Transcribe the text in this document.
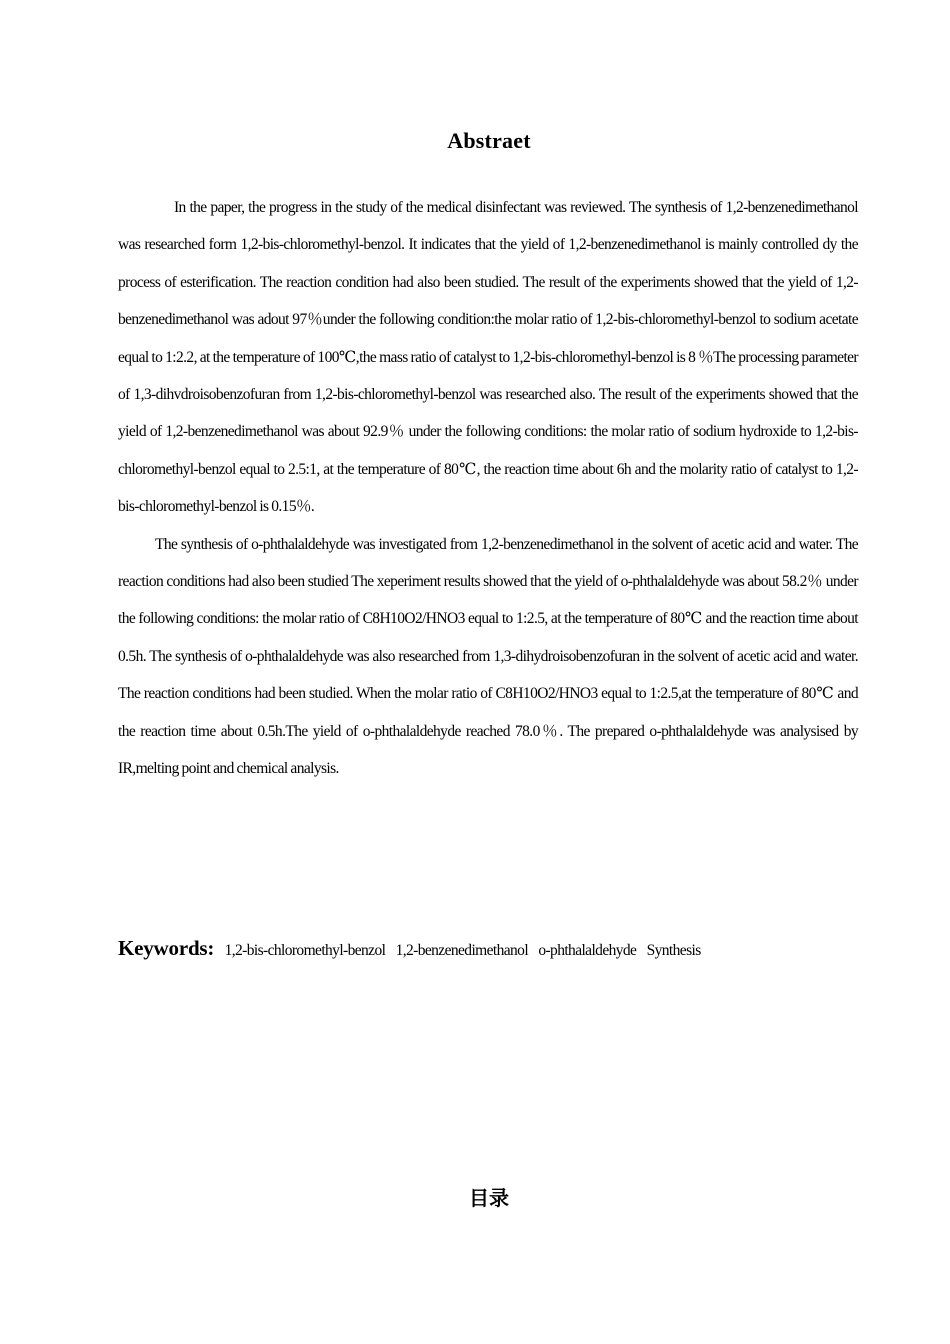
Abstraet

In the paper, the progress in the study of the medical disinfectant was reviewed. The synthesis of 1,2-benzenedimethanol was researched form 1,2-bis-chloromethyl-benzol. It indicates that the yield of 1,2-benzenedimethanol is mainly controlled dy the process of esterification. The reaction condition had also been studied. The result of the experiments showed that the yield of 1,2-benzenedimethanol was adout 97％under the following condition:the molar ratio of 1,2-bis-chloromethyl-benzol to sodium acetate equal to 1:2.2, at the temperature of 100℃,the mass ratio of catalyst to 1,2-bis-chloromethyl-benzol is 8 ％The processing parameter of 1,3-dihvdroisobenzofuran from 1,2-bis-chloromethyl-benzol was researched also. The result of the experiments showed that the yield of 1,2-benzenedimethanol was about 92.9％ under the following conditions: the molar ratio of sodium hydroxide to 1,2-bis-chloromethyl-benzol equal to 2.5:1, at the temperature of 80℃, the reaction time about 6h and the molarity ratio of catalyst to 1,2-bis-chloromethyl-benzol is 0.15％.

The synthesis of o-phthalaldehyde was investigated from 1,2-benzenedimethanol in the solvent of acetic acid and water. The reaction conditions had also been studied The xeperiment results showed that the yield of o-phthalaldehyde was about 58.2％ under the following conditions: the molar ratio of C8H10O2/HNO3 equal to 1:2.5, at the temperature of 80℃ and the reaction time about 0.5h. The synthesis of o-phthalaldehyde was also researched from 1,3-dihydroisobenzofuran in the solvent of acetic acid and water. The reaction conditions had been studied. When the molar ratio of C8H10O2/HNO3 equal to 1:2.5,at the temperature of 80℃ and the reaction time about 0.5h.The yield of o-phthalaldehyde reached 78.0％. The prepared o-phthalaldehyde was analysised by IR,melting point and chemical analysis.

Keywords: 1,2-bis-chloromethyl-benzol 1,2-benzenedimethanol o-phthalaldehyde Synthesis
目录
